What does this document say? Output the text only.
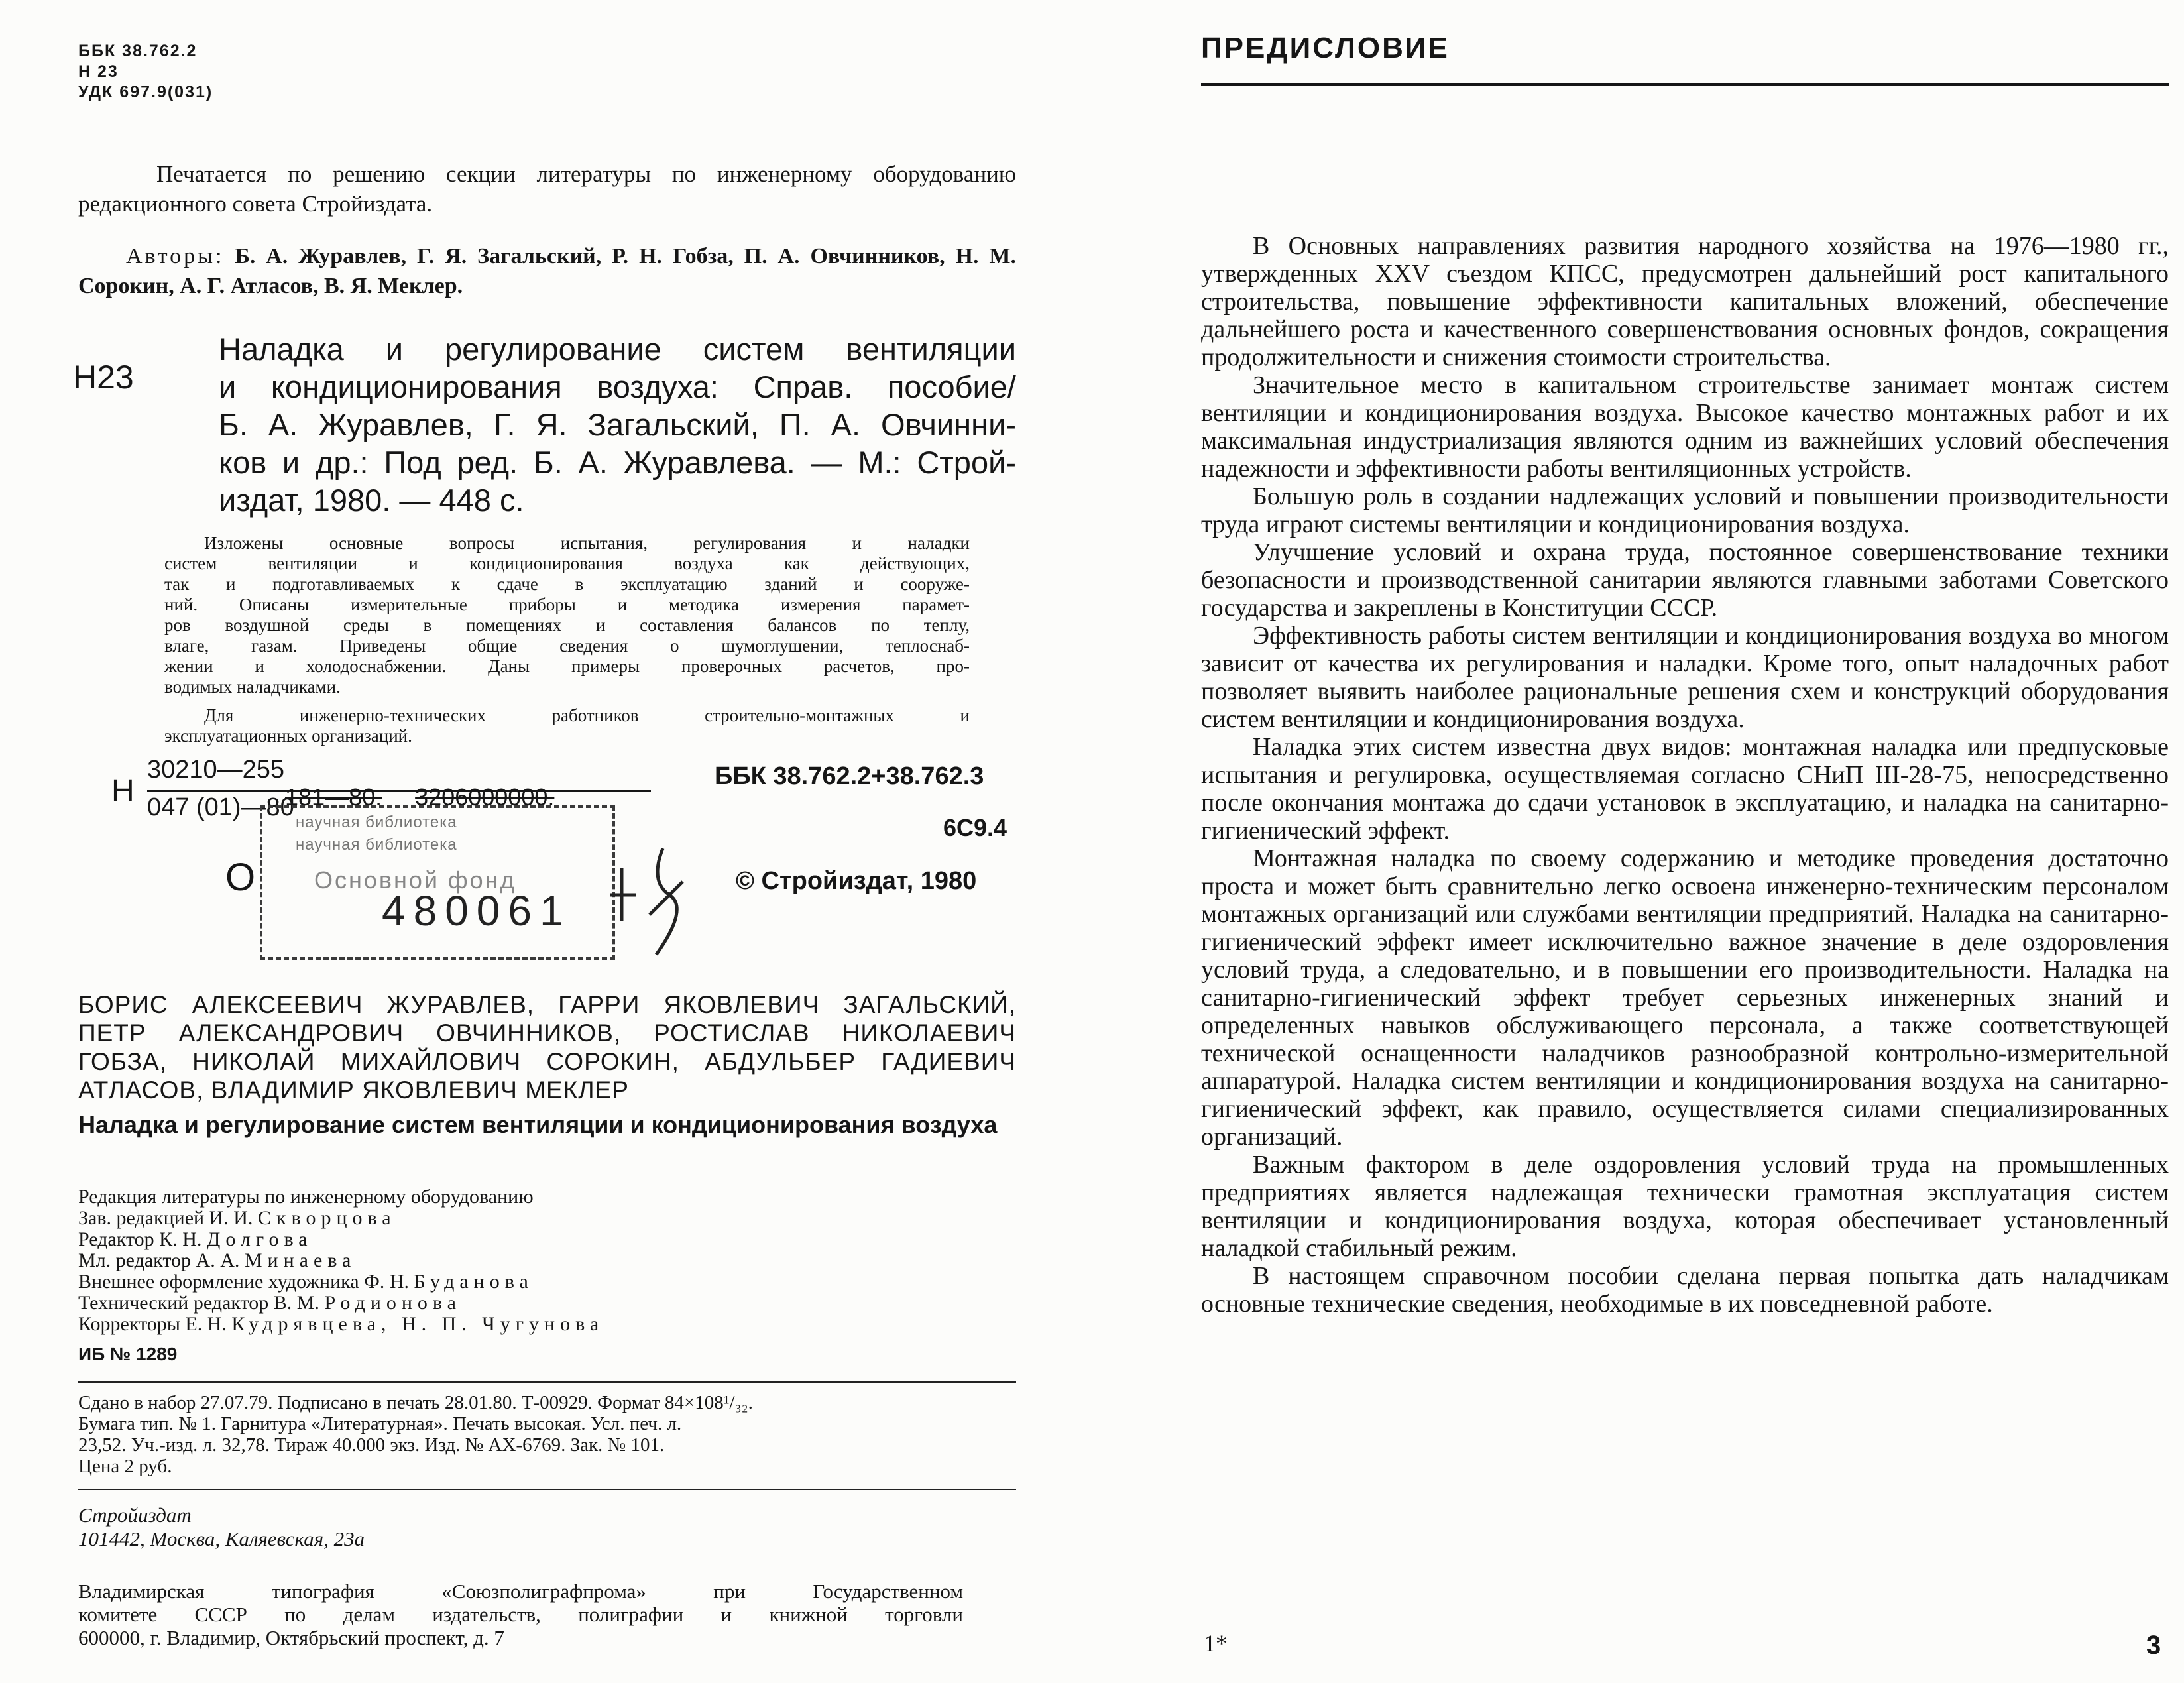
ББК 38.762.2
Н 23
УДК 697.9(031)

Печатается по решению секции литературы по инженерному оборудованию редакционного совета Стройиздата.

Авторы: Б. А. Журавлев, Г. Я. Загальский, Р. Н. Гобза, П. А. Овчинников, Н. М. Сорокин, А. Г. Атласов, В. Я. Меклер.

Н23
Наладка и регулирование систем вентиляции
и кондиционирования воздуха: Справ. пособие/
Б. А. Журавлев, Г. Я. Загальский, П. А. Овчинни-
ков и др.: Под ред. Б. А. Журавлева. — М.: Строй-
издат, 1980. — 448 с.
Изложены основные вопросы испытания, регулирования и наладки
систем вентиляции и кондиционирования воздуха как действующих,
так и подготавливаемых к сдаче в эксплуатацию зданий и сооруже-
ний. Описаны измерительные приборы и методика измерения парамет-
ров воздушной среды в помещениях и составления балансов по теплу,
влаге, газам. Приведены общие сведения о шумоглушении, теплоснаб-
жении и холодоснабжении. Даны примеры проверочных расчетов, про-
водимых наладчиками.
Для инженерно-технических работников строительно-монтажных и
эксплуатационных организаций.
Н
30210—255
047 (01)—80
181—80. 3206000000.
ББК 38.762.2+38.762.3
6С9.4
© Стройиздат, 1980
О
научная библиотека
научная библиотека
Основной фонд
480061
БОРИС АЛЕКСЕЕВИЧ ЖУРАВЛЕВ, ГАРРИ ЯКОВЛЕВИЧ ЗАГАЛЬСКИЙ,
ПЕТР АЛЕКСАНДРОВИЧ ОВЧИННИКОВ, РОСТИСЛАВ НИКОЛАЕВИЧ
ГОБЗА, НИКОЛАЙ МИХАЙЛОВИЧ СОРОКИН, АБДУЛЬБЕР ГАДИЕВИЧ
АТЛАСОВ, ВЛАДИМИР ЯКОВЛЕВИЧ МЕКЛЕР
Наладка и регулирование систем вентиляции и кондиционирования воздуха
Редакция литературы по инженерному оборудованию
Зав. редакцией И. И. Скворцова
Редактор К. Н. Долгова
Мл. редактор А. А. Минаева
Внешнее оформление художника Ф. Н. Буданова
Технический редактор В. М. Родионова
Корректоры Е. Н. Кудрявцева, Н. П. Чугунова
ИБ № 1289
Сдано в набор 27.07.79. Подписано в печать 28.01.80. Т-00929. Формат 84×108¹/₃₂.
Бумага тип. № 1. Гарнитура «Литературная». Печать высокая. Усл. печ. л.
23,52. Уч.-изд. л. 32,78. Тираж 40.000 экз. Изд. № АХ-6769. Зак. № 101.
Цена 2 руб.
Стройиздат
101442, Москва, Каляевская, 23а
Владимирская типография «Союзполиграфпрома» при Государственном
комитете СССР по делам издательств, полиграфии и книжной торговли
600000, г. Владимир, Октябрьский проспект, д. 7
ПРЕДИСЛОВИЕ

В Основных направлениях развития народного хозяйства на 1976—1980 гг., утвержденных XXV съездом КПСС, предусмотрен дальнейший рост капитального строительства, повышение эффективности капитальных вложений, обеспечение дальнейшего роста и качественного совершенствования основных фондов, сокращения продолжительности и снижения стоимости строительства.

Значительное место в капитальном строительстве занимает монтаж систем вентиляции и кондиционирования воздуха. Высокое качество монтажных работ и их максимальная индустриализация являются одним из важнейших условий обеспечения надежности и эффективности работы вентиляционных устройств.

Большую роль в создании надлежащих условий и повышении производительности труда играют системы вентиляции и кондиционирования воздуха.

Улучшение условий и охрана труда, постоянное совершенствование техники безопасности и производственной санитарии являются главными заботами Советского государства и закреплены в Конституции СССР.

Эффективность работы систем вентиляции и кондиционирования воздуха во многом зависит от качества их регулирования и наладки. Кроме того, опыт наладочных работ позволяет выявить наиболее рациональные решения схем и конструкций оборудования систем вентиляции и кондиционирования воздуха.

Наладка этих систем известна двух видов: монтажная наладка или предпусковые испытания и регулировка, осуществляемая согласно СНиП III-28-75, непосредственно после окончания монтажа до сдачи установок в эксплуатацию, и наладка на санитарно-гигиенический эффект.

Монтажная наладка по своему содержанию и методике проведения достаточно проста и может быть сравнительно легко освоена инженерно-техническим персоналом монтажных организаций или службами вентиляции предприятий. Наладка на санитарно-гигиенический эффект имеет исключительно важное значение в деле оздоровления условий труда, а следовательно, и в повышении его производительности. Наладка на санитарно-гигиенический эффект требует серьезных инженерных знаний и определенных навыков обслуживающего персонала, а также соответствующей технической оснащенности наладчиков разнообразной контрольно-измерительной аппаратурой. Наладка систем вентиляции и кондиционирования воздуха на санитарно-гигиенический эффект, как правило, осуществляется силами специализированных организаций.

Важным фактором в деле оздоровления условий труда на промышленных предприятиях является надлежащая технически грамотная эксплуатация систем вентиляции и кондиционирования воздуха, которая обеспечивает установленный наладкой стабильный режим.

В настоящем справочном пособии сделана первая попытка дать наладчикам основные технические сведения, необходимые в их повседневной работе.

1*	3
